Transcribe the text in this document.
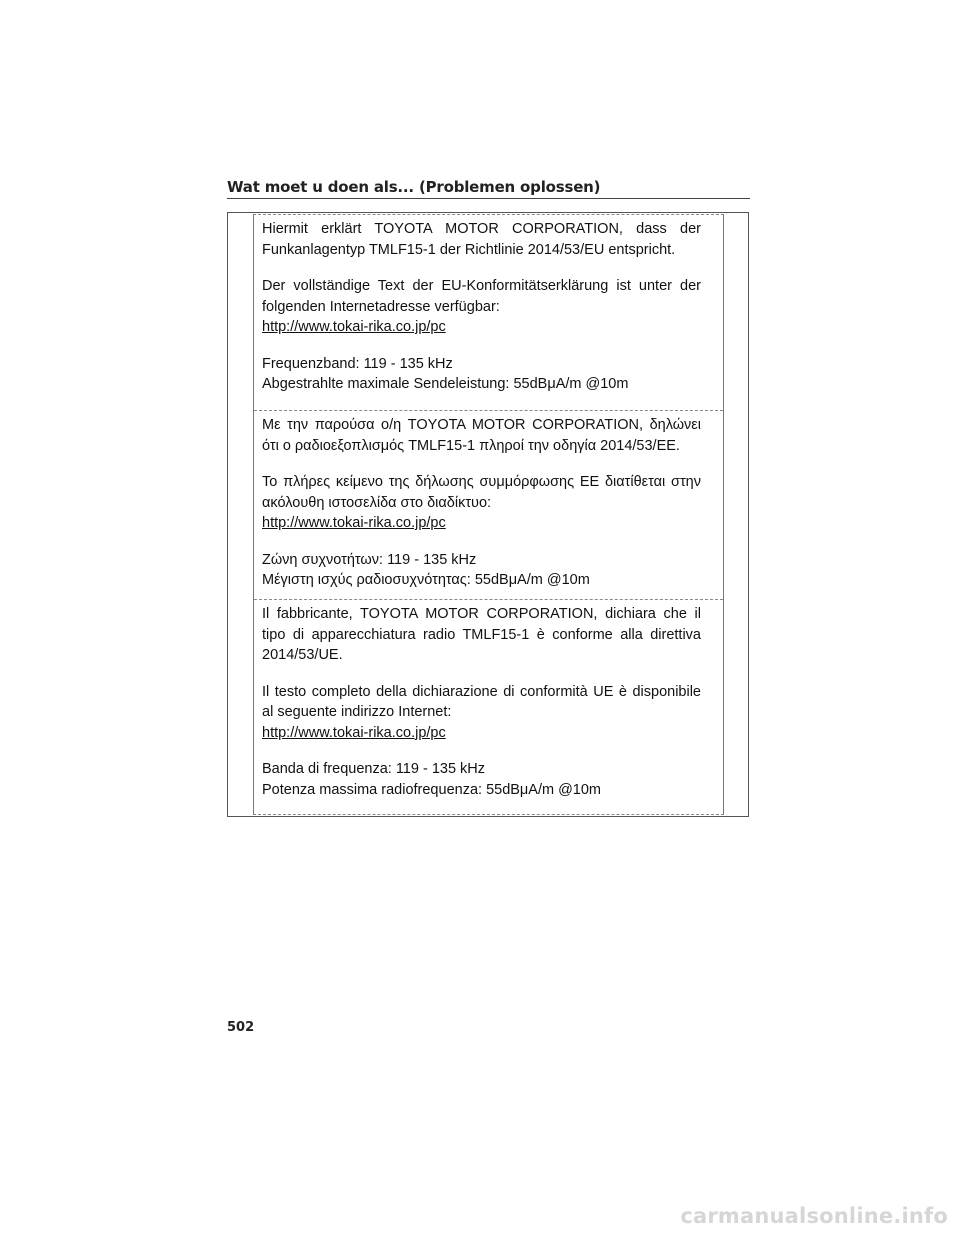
Wat moet u doen als... (Problemen oplossen)

Hiermit erklärt TOYOTA MOTOR CORPORATION, dass der Funkanlagentyp TMLF15-1 der Richtlinie 2014/53/EU entspricht.

Der vollständige Text der EU-Konformitätserklärung ist unter der folgenden Internetadresse verfügbar:

http://www.tokai-rika.co.jp/pc

Frequenzband: 119 - 135 kHz
Abgestrahlte maximale Sendeleistung: 55dBμA/m @10m

Με την παρούσα ο/η TOYOTA MOTOR CORPORATION, δηλώνει ότι ο ραδιοεξοπλισμός TMLF15-1 πληροί την οδηγία 2014/53/ΕΕ.

Το πλήρες κείμενο της δήλωσης συμμόρφωσης ΕΕ διατίθεται στην ακόλουθη ιστοσελίδα στο διαδίκτυο:

http://www.tokai-rika.co.jp/pc

Ζώνη συχνοτήτων: 119 - 135 kHz
Μέγιστη ισχύς ραδιοσυχνότητας: 55dBμA/m @10m

Il fabbricante, TOYOTA MOTOR CORPORATION, dichiara che il tipo di apparecchiatura radio TMLF15-1 è conforme alla direttiva 2014/53/UE.

Il testo completo della dichiarazione di conformità UE è disponibile al seguente indirizzo Internet:

http://www.tokai-rika.co.jp/pc

Banda di frequenza: 119 - 135 kHz
Potenza massima radiofrequenza: 55dBμA/m @10m

502
carmanualsonline.info
